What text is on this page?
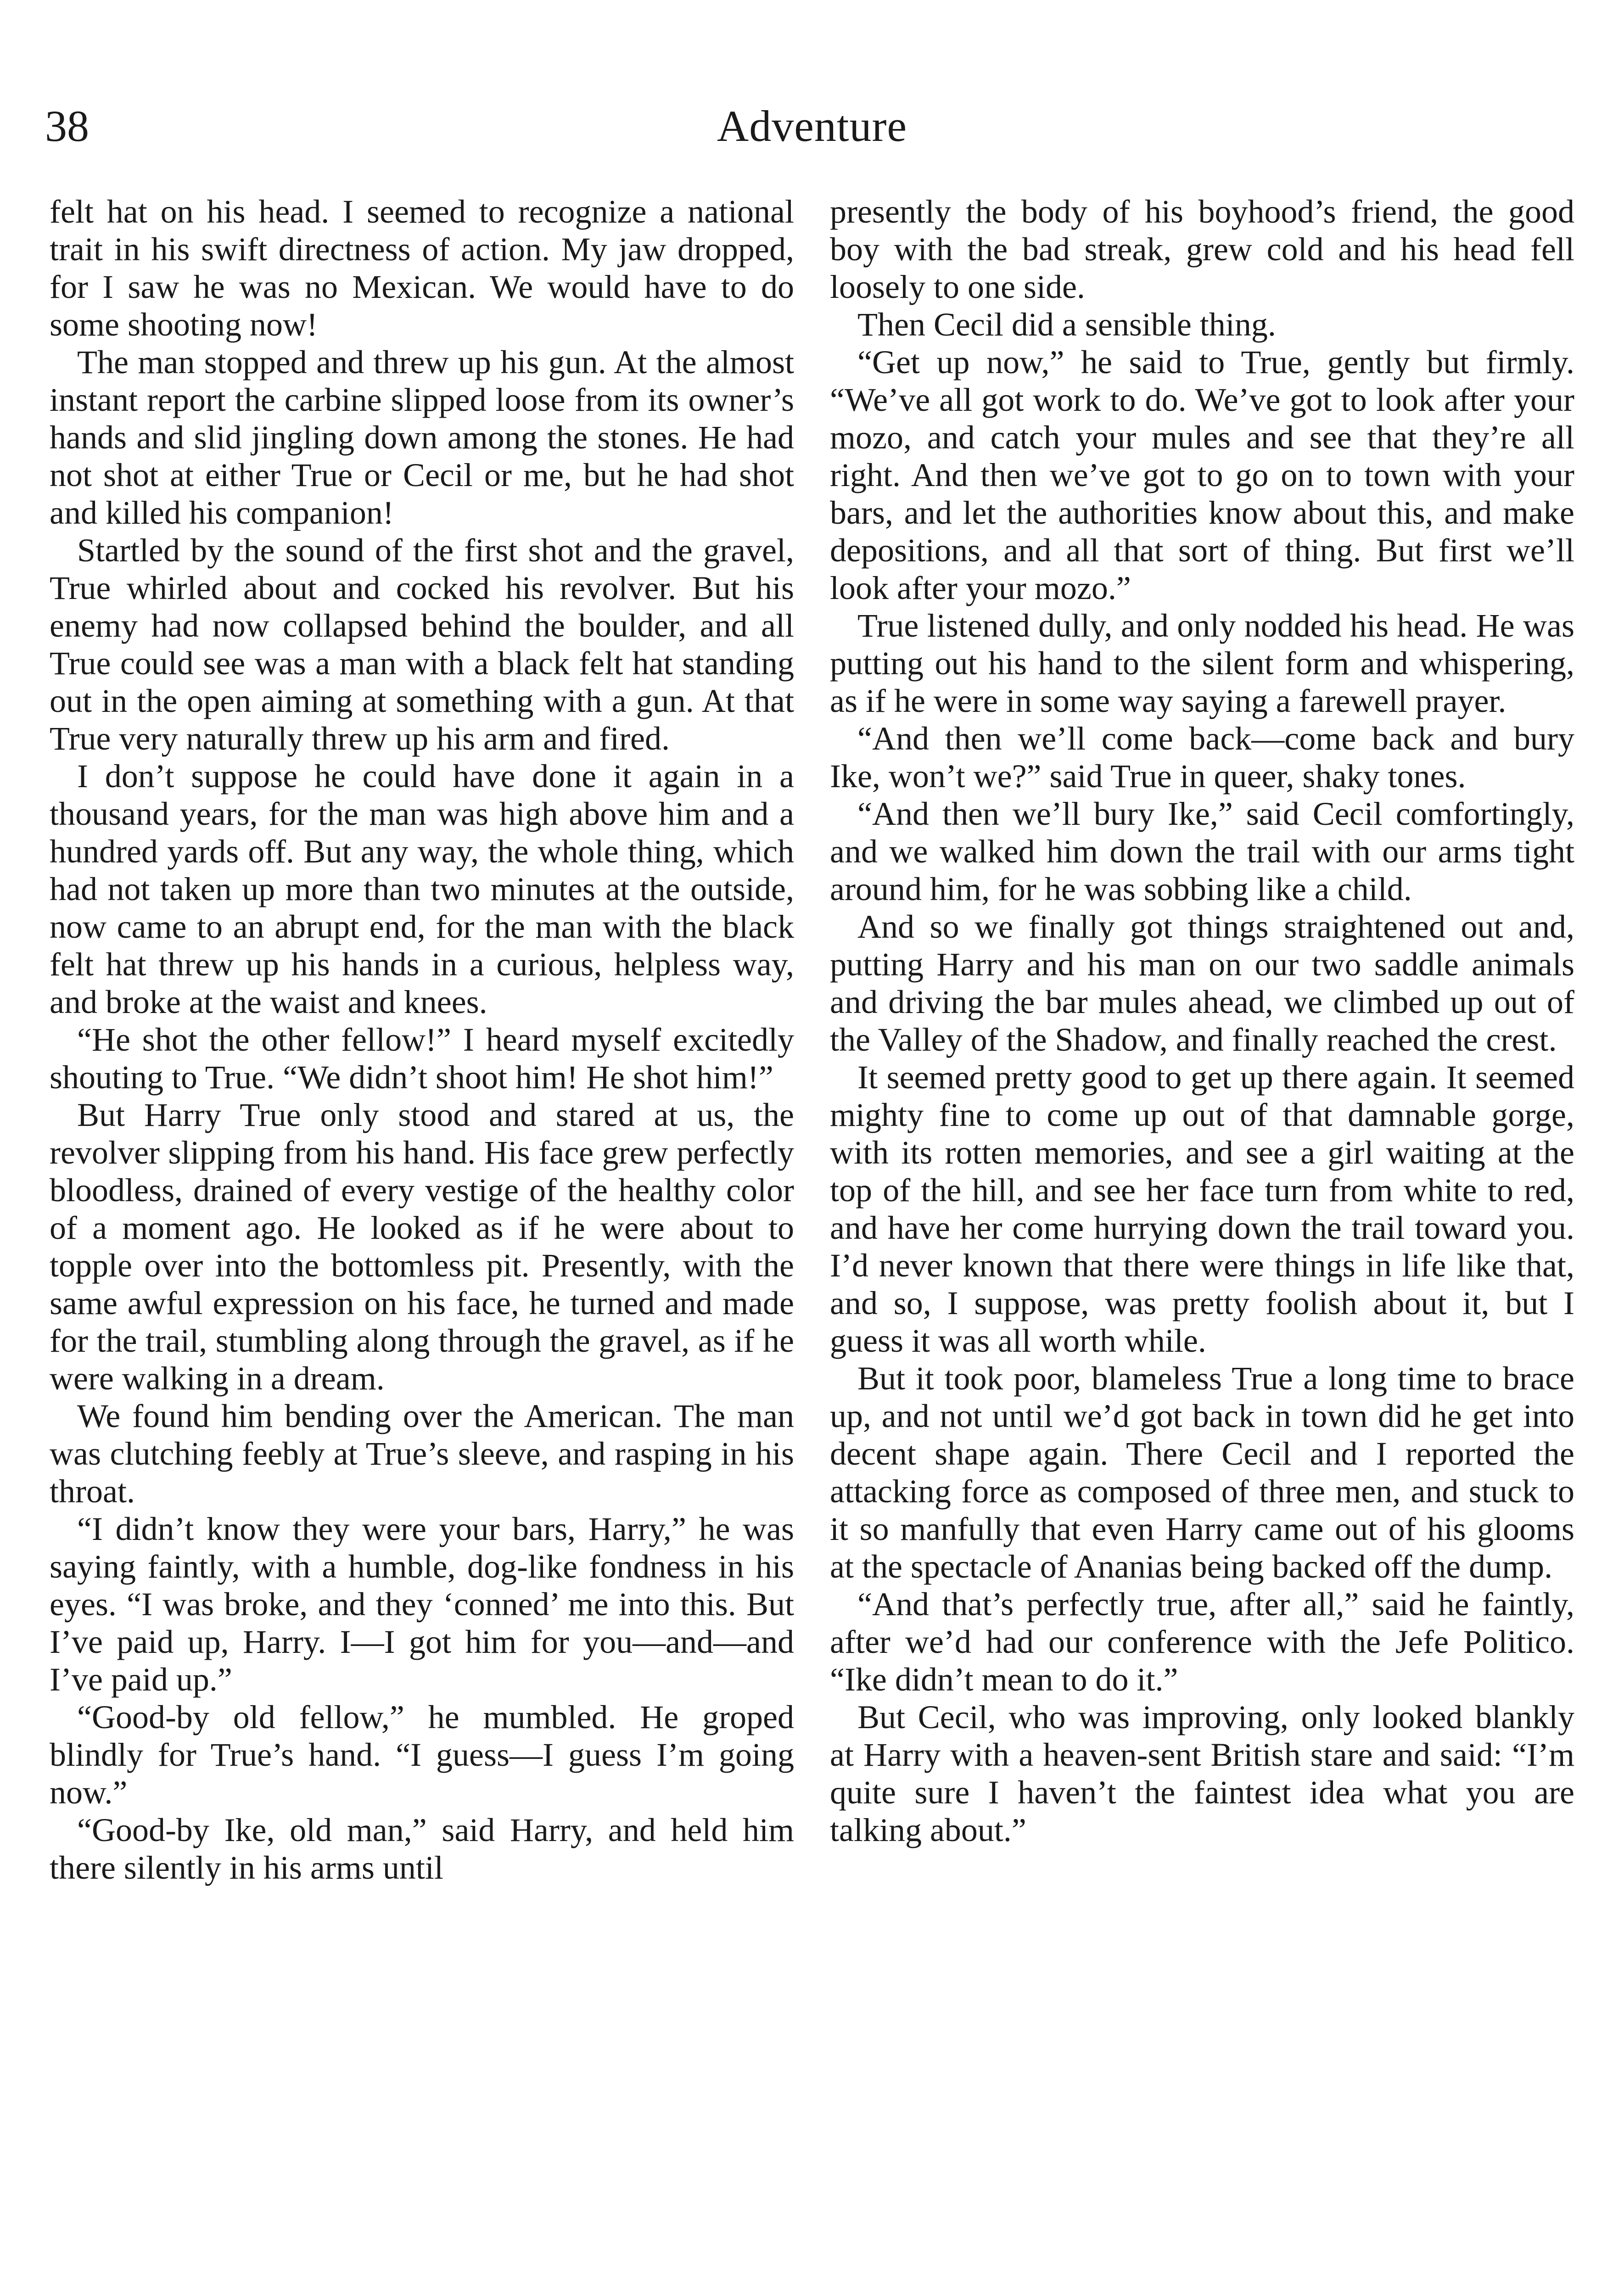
Adventure
38

felt hat on his head. I seemed to recognize a national trait in his swift directness of action. My jaw dropped, for I saw he was no Mexican. We would have to do some shooting now!

The man stopped and threw up his gun. At the almost instant report the carbine slipped loose from its owner’s hands and slid jingling down among the stones. He had not shot at either True or Cecil or me, but he had shot and killed his companion!

Startled by the sound of the first shot and the gravel, True whirled about and cocked his revolver. But his enemy had now collapsed behind the boulder, and all True could see was a man with a black felt hat standing out in the open aiming at something with a gun. At that True very naturally threw up his arm and fired.

I don’t suppose he could have done it again in a thousand years, for the man was high above him and a hundred yards off. But any way, the whole thing, which had not taken up more than two minutes at the outside, now came to an abrupt end, for the man with the black felt hat threw up his hands in a curious, helpless way, and broke at the waist and knees.

“He shot the other fellow!” I heard myself excitedly shouting to True. “We didn’t shoot him! He shot him!”

But Harry True only stood and stared at us, the revolver slipping from his hand. His face grew perfectly bloodless, drained of every vestige of the healthy color of a moment ago. He looked as if he were about to topple over into the bottomless pit. Presently, with the same awful expression on his face, he turned and made for the trail, stumbling along through the gravel, as if he were walking in a dream.

We found him bending over the American. The man was clutching feebly at True’s sleeve, and rasping in his throat.

“I didn’t know they were your bars, Harry,” he was saying faintly, with a humble, dog-like fondness in his eyes. “I was broke, and they ‘conned’ me into this. But I’ve paid up, Harry. I—I got him for you—and—and I’ve paid up.”

“Good-by old fellow,” he mumbled. He groped blindly for True’s hand. “I guess—I guess I’m going now.”

“Good-by Ike, old man,” said Harry, and held him there silently in his arms until

presently the body of his boyhood’s friend, the good boy with the bad streak, grew cold and his head fell loosely to one side.

Then Cecil did a sensible thing.

“Get up now,” he said to True, gently but firmly. “We’ve all got work to do. We’ve got to look after your mozo, and catch your mules and see that they’re all right. And then we’ve got to go on to town with your bars, and let the authorities know about this, and make depositions, and all that sort of thing. But first we’ll look after your mozo.”

True listened dully, and only nodded his head. He was putting out his hand to the silent form and whispering, as if he were in some way saying a farewell prayer.

“And then we’ll come back—come back and bury Ike, won’t we?” said True in queer, shaky tones.

“And then we’ll bury Ike,” said Cecil comfortingly, and we walked him down the trail with our arms tight around him, for he was sobbing like a child.

And so we finally got things straightened out and, putting Harry and his man on our two saddle animals and driving the bar mules ahead, we climbed up out of the Valley of the Shadow, and finally reached the crest.

It seemed pretty good to get up there again. It seemed mighty fine to come up out of that damnable gorge, with its rotten memories, and see a girl waiting at the top of the hill, and see her face turn from white to red, and have her come hurrying down the trail toward you. I’d never known that there were things in life like that, and so, I suppose, was pretty foolish about it, but I guess it was all worth while.

But it took poor, blameless True a long time to brace up, and not until we’d got back in town did he get into decent shape again. There Cecil and I reported the attacking force as composed of three men, and stuck to it so manfully that even Harry came out of his glooms at the spectacle of Ananias being backed off the dump.

“And that’s perfectly true, after all,” said he faintly, after we’d had our conference with the Jefe Politico. “Ike didn’t mean to do it.”

But Cecil, who was improving, only looked blankly at Harry with a heaven-sent British stare and said: “I’m quite sure I haven’t the faintest idea what you are talking about.”
